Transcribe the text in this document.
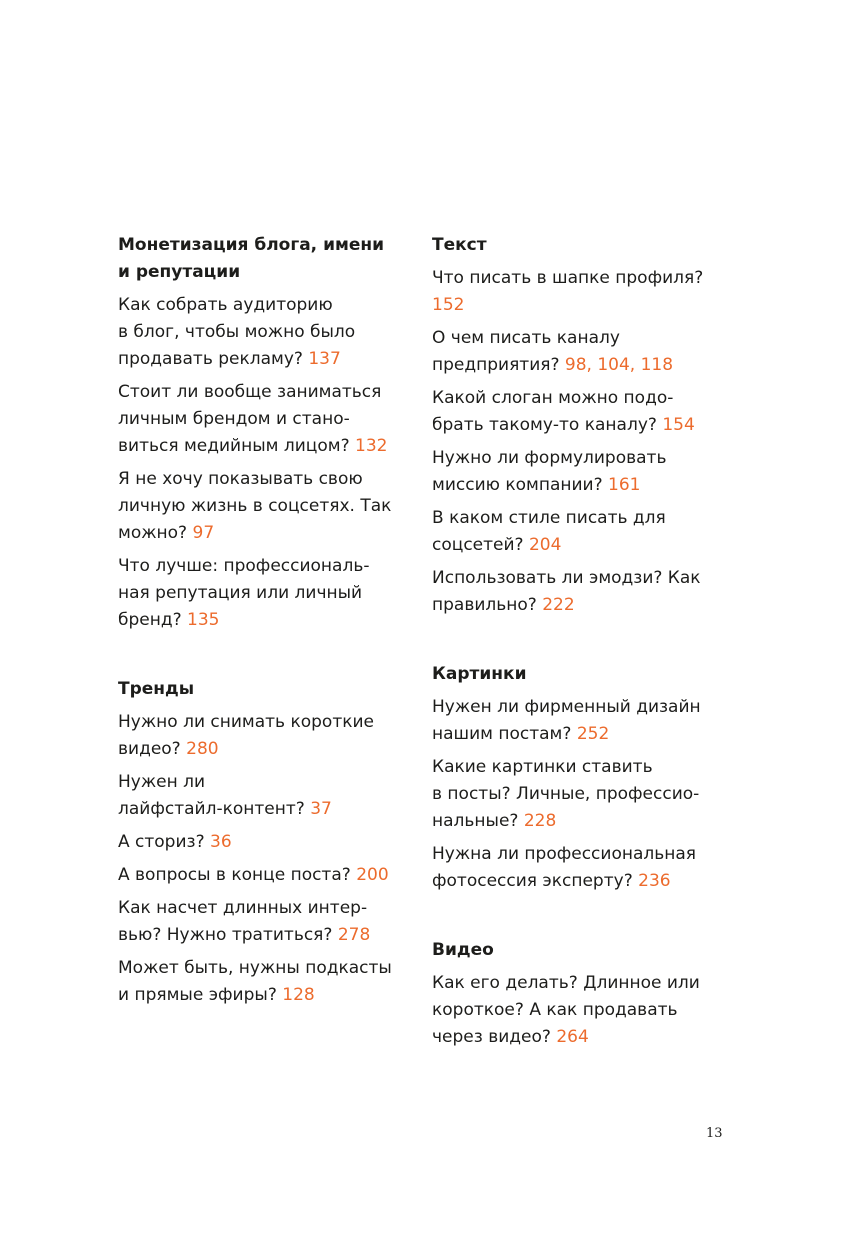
Монетизация блога, имени
и репутации
Как собрать аудиторию
в блог, чтобы можно было
продавать рекламу? 137
Стоит ли вообще заниматься
личным брендом и стано-
виться медийным лицом? 132
Я не хочу показывать свою
личную жизнь в соцсетях. Так
можно? 97
Что лучше: профессиональ-
ная репутация или личный
бренд? 135
Тренды
Нужно ли снимать короткие
видео? 280
Нужен ли
лайфстайл-контент? 37
А сториз? 36
А вопросы в конце поста? 200
Как насчет длинных интер-
вью? Нужно тратиться? 278
Может быть, нужны подкасты
и прямые эфиры? 128
Текст
Что писать в шапке профиля?
152
О чем писать каналу
предприятия? 98, 104, 118
Какой слоган можно подо-
брать такому-то каналу? 154
Нужно ли формулировать
миссию компании? 161
В каком стиле писать для
соцсетей? 204
Использовать ли эмодзи? Как
правильно? 222
Картинки
Нужен ли фирменный дизайн
нашим постам? 252
Какие картинки ставить
в посты? Личные, профессио-
нальные? 228
Нужна ли профессиональная
фотосессия эксперту? 236
Видео
Как его делать? Длинное или
короткое? А как продавать
через видео? 264
13
